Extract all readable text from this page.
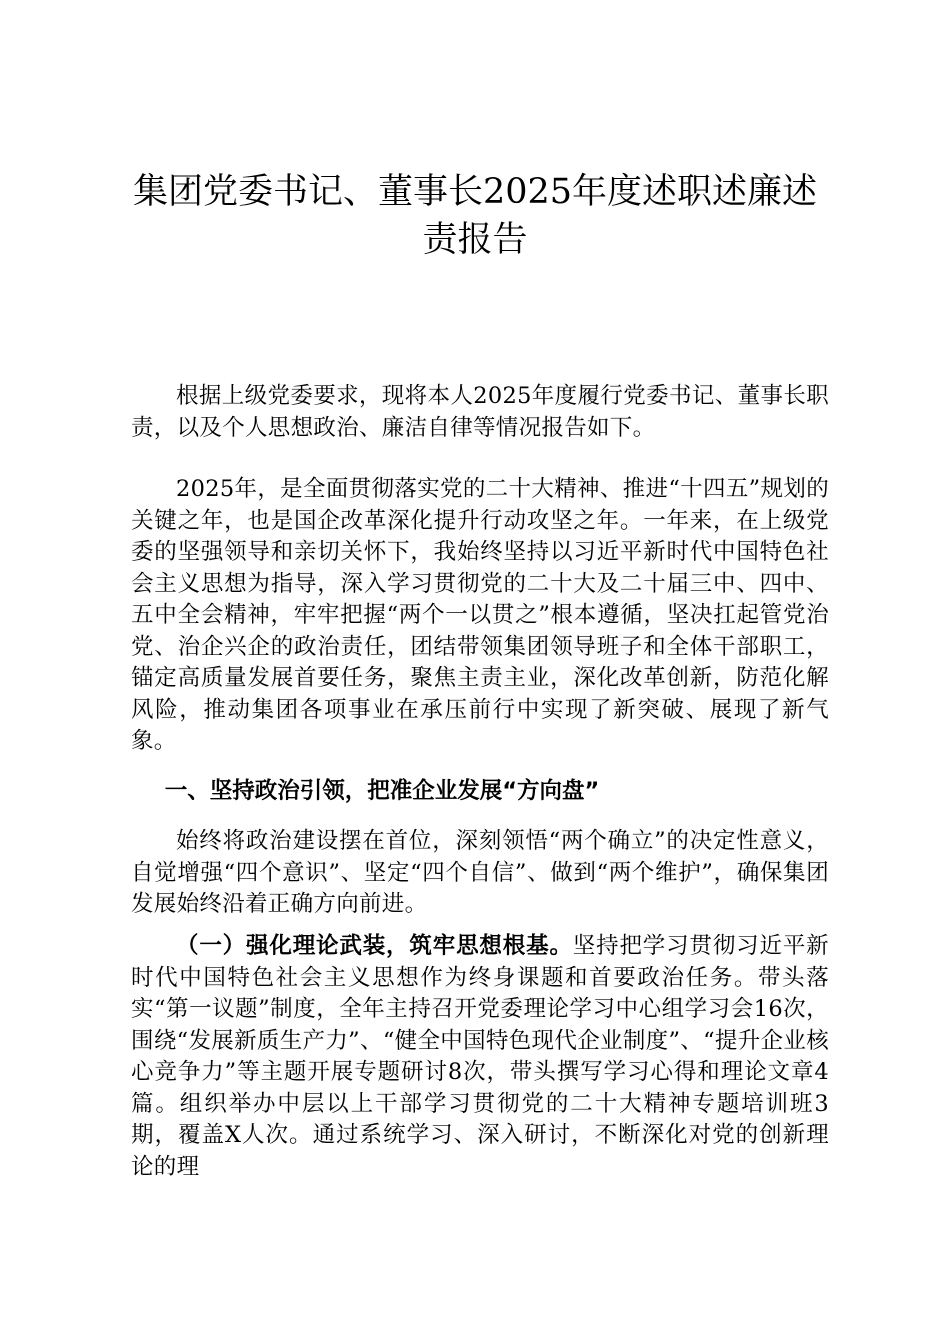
集团党委书记、董事长2025年度述职述廉述
责报告
根据上级党委要求，现将本人2025年度履行党委书记、董事长职责，以及个人思想政治、廉洁自律等情况报告如下。
2025年，是全面贯彻落实党的二十大精神、推进“十四五”规划的关键之年，也是国企改革深化提升行动攻坚之年。一年来，在上级党委的坚强领导和亲切关怀下，我始终坚持以习近平新时代中国特色社会主义思想为指导，深入学习贯彻党的二十大及二十届三中、四中、五中全会精神，牢牢把握“两个一以贯之”根本遵循，坚决扛起管党治党、治企兴企的政治责任，团结带领集团领导班子和全体干部职工，锚定高质量发展首要任务，聚焦主责主业，深化改革创新，防范化解风险，推动集团各项事业在承压前行中实现了新突破、展现了新气象。
一、坚持政治引领，把准企业发展“方向盘”
始终将政治建设摆在首位，深刻领悟“两个确立”的决定性意义，自觉增强“四个意识”、坚定“四个自信”、做到“两个维护”，确保集团发展始终沿着正确方向前进。
（一）强化理论武装，筑牢思想根基。坚持把学习贯彻习近平新时代中国特色社会主义思想作为终身课题和首要政治任务。带头落实“第一议题”制度，全年主持召开党委理论学习中心组学习会16次，围绕“发展新质生产力”、“健全中国特色现代企业制度”、“提升企业核心竞争力”等主题开展专题研讨8次，带头撰写学习心得和理论文章4篇。组织举办中层以上干部学习贯彻党的二十大精神专题培训班3期，覆盖X人次。通过系统学习、深入研讨，不断深化对党的创新理论的理
